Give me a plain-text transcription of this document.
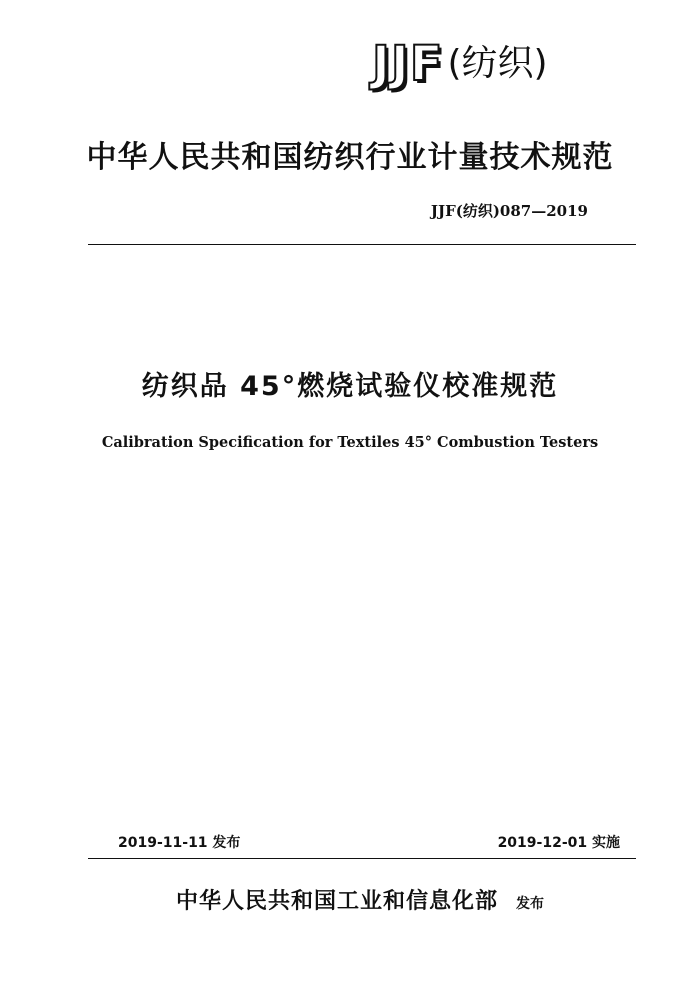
JJF (纺织)
中华人民共和国纺织行业计量技术规范
JJF(纺织)087—2019
纺织品 45°燃烧试验仪校准规范
Calibration Specification for Textiles 45° Combustion Testers
2019-11-11 发布	2019-12-01 实施
中华人民共和国工业和信息化部 发布
